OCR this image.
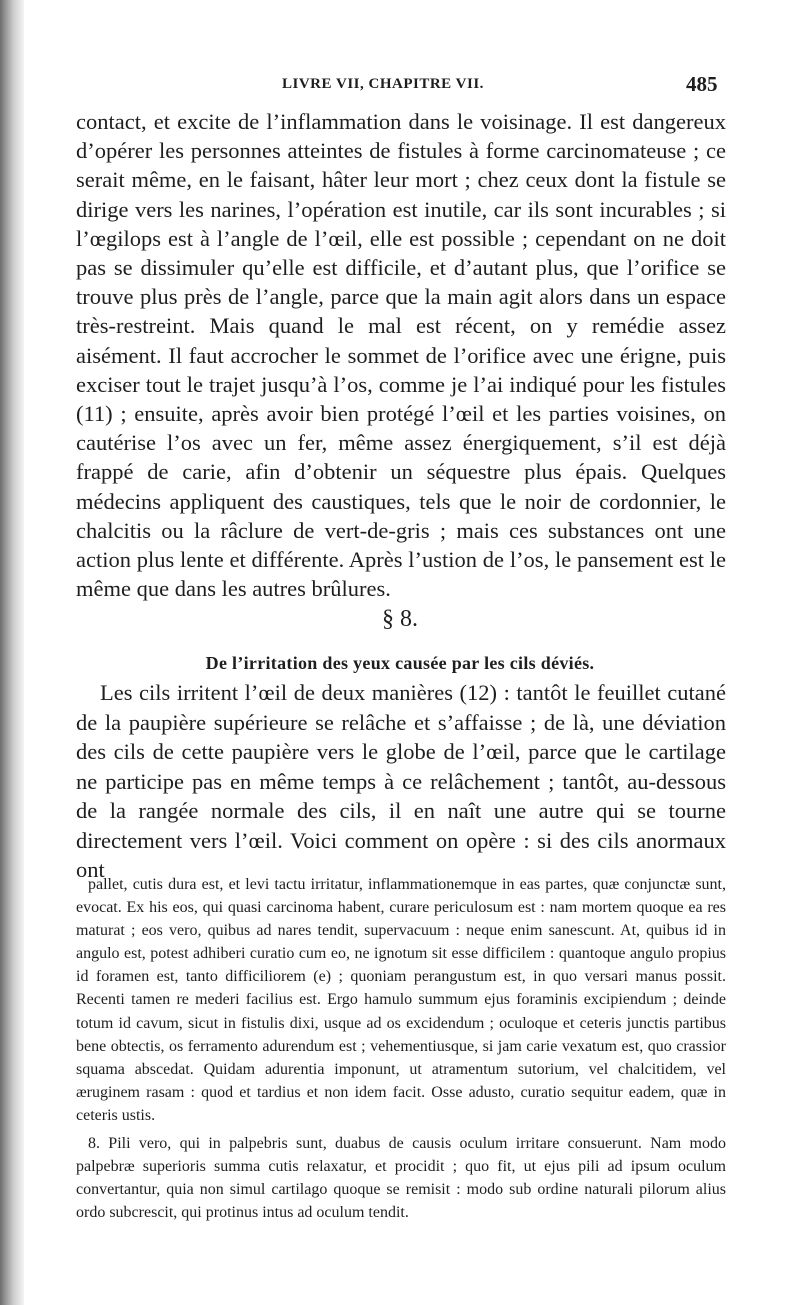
LIVRE VII, CHAPITRE VII.	485

contact, et excite de l’inflammation dans le voisinage. Il est dangereux d’opérer les personnes atteintes de fistules à forme carcinomateuse ; ce serait même, en le faisant, hâter leur mort ; chez ceux dont la fistule se dirige vers les narines, l’opération est inutile, car ils sont incurables ; si l’œgilops est à l’angle de l’œil, elle est possible ; cependant on ne doit pas se dissimuler qu’elle est difficile, et d’autant plus, que l’orifice se trouve plus près de l’angle, parce que la main agit alors dans un espace très-restreint. Mais quand le mal est récent, on y remédie assez aisément. Il faut accrocher le sommet de l’orifice avec une érigne, puis exciser tout le trajet jusqu’à l’os, comme je l’ai indiqué pour les fistules (11) ; ensuite, après avoir bien protégé l’œil et les parties voisines, on cautérise l’os avec un fer, même assez énergiquement, s’il est déjà frappé de carie, afin d’obtenir un séquestre plus épais. Quelques médecins appliquent des caustiques, tels que le noir de cordonnier, le chalcitis ou la râclure de vert-de-gris ; mais ces substances ont une action plus lente et différente. Après l’ustion de l’os, le pansement est le même que dans les autres brûlures.

§ 8.
De l’irritation des yeux causée par les cils déviés.

Les cils irritent l’œil de deux manières (12) : tantôt le feuillet cutané de la paupière supérieure se relâche et s’affaisse ; de là, une déviation des cils de cette paupière vers le globe de l’œil, parce que le cartilage ne participe pas en même temps à ce relâchement ; tantôt, au-dessous de la rangée normale des cils, il en naît une autre qui se tourne directement vers l’œil. Voici comment on opère : si des cils anormaux ont

pallet, cutis dura est, et levi tactu irritatur, inflammationemque in eas partes, quæ conjunctæ sunt, evocat. Ex his eos, qui quasi carcinoma habent, curare periculosum est : nam mortem quoque ea res maturat ; eos vero, quibus ad nares tendit, supervacuum : neque enim sanescunt. At, quibus id in angulo est, potest adhiberi curatio cum eo, ne ignotum sit esse difficilem : quantoque angulo propius id foramen est, tanto difficiliorem (e) ; quoniam perangustum est, in quo versari manus possit. Recenti tamen re mederi facilius est. Ergo hamulo summum ejus foraminis excipiendum ; deinde totum id cavum, sicut in fistulis dixi, usque ad os excidendum ; oculoque et ceteris junctis partibus bene obtectis, os ferramento adurendum est ; vehementiusque, si jam carie vexatum est, quo crassior squama abscedat. Quidam adurentia imponunt, ut atramentum sutorium, vel chalcitidem, vel æruginem rasam : quod et tardius et non idem facit. Osse adusto, curatio sequitur eadem, quæ in ceteris ustis.

8. Pili vero, qui in palpebris sunt, duabus de causis oculum irritare consuerunt. Nam modo palpebræ superioris summa cutis relaxatur, et procidit ; quo fit, ut ejus pili ad ipsum oculum convertantur, quia non simul cartilago quoque se remisit : modo sub ordine naturali pilorum alius ordo subcrescit, qui protinus intus ad oculum tendit.
